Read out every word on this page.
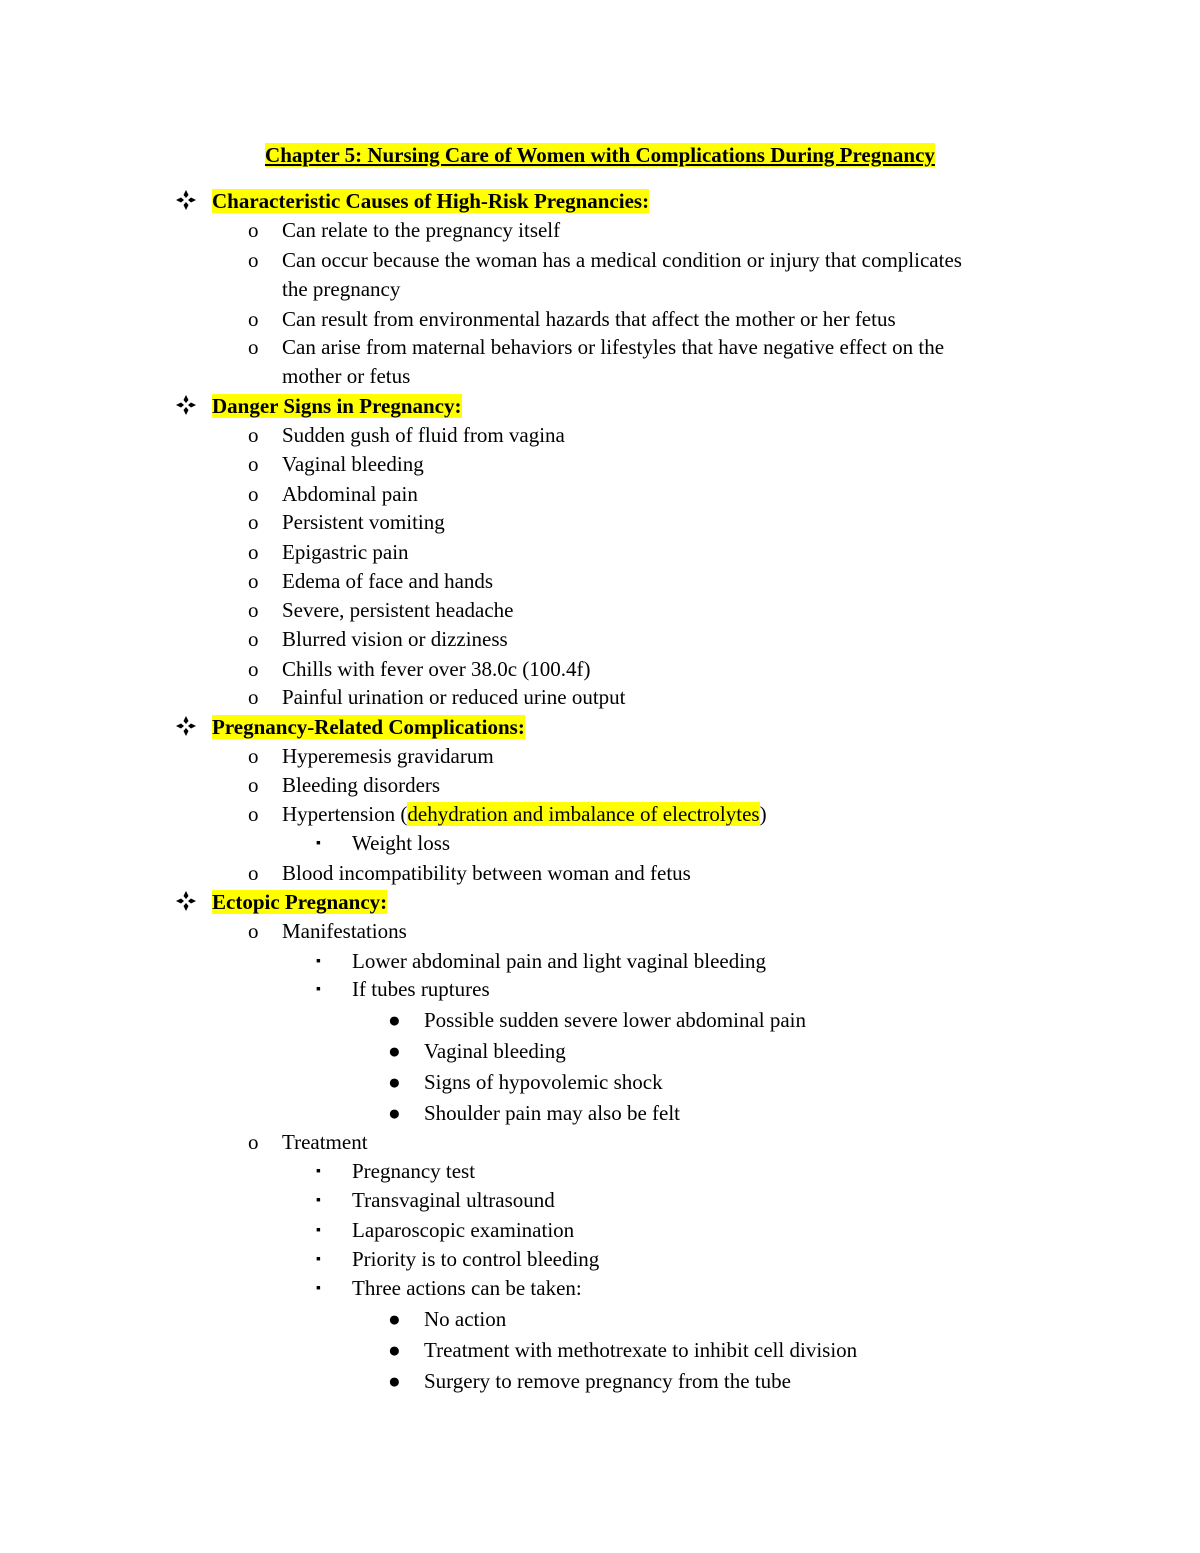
Chapter 5: Nursing Care of Women with Complications During Pregnancy
Characteristic Causes of High-Risk Pregnancies:
o Can relate to the pregnancy itself
o Can occur because the woman has a medical condition or injury that complicates
the pregnancy
o Can result from environmental hazards that affect the mother or her fetus
o Can arise from maternal behaviors or lifestyles that have negative effect on the
mother or fetus
Danger Signs in Pregnancy:
o Sudden gush of fluid from vagina
o Vaginal bleeding
o Abdominal pain
o Persistent vomiting
o Epigastric pain
o Edema of face and hands
o Severe, persistent headache
o Blurred vision or dizziness
o Chills with fever over 38.0c (100.4f)
o Painful urination or reduced urine output
Pregnancy-Related Complications:
o Hyperemesis gravidarum
o Bleeding disorders
o Hypertension (dehydration and imbalance of electrolytes)
▪ Weight loss
o Blood incompatibility between woman and fetus
Ectopic Pregnancy:
o Manifestations
▪ Lower abdominal pain and light vaginal bleeding
▪ If tubes ruptures
● Possible sudden severe lower abdominal pain
● Vaginal bleeding
● Signs of hypovolemic shock
● Shoulder pain may also be felt
o Treatment
▪ Pregnancy test
▪ Transvaginal ultrasound
▪ Laparoscopic examination
▪ Priority is to control bleeding
▪ Three actions can be taken:
● No action
● Treatment with methotrexate to inhibit cell division
● Surgery to remove pregnancy from the tube
